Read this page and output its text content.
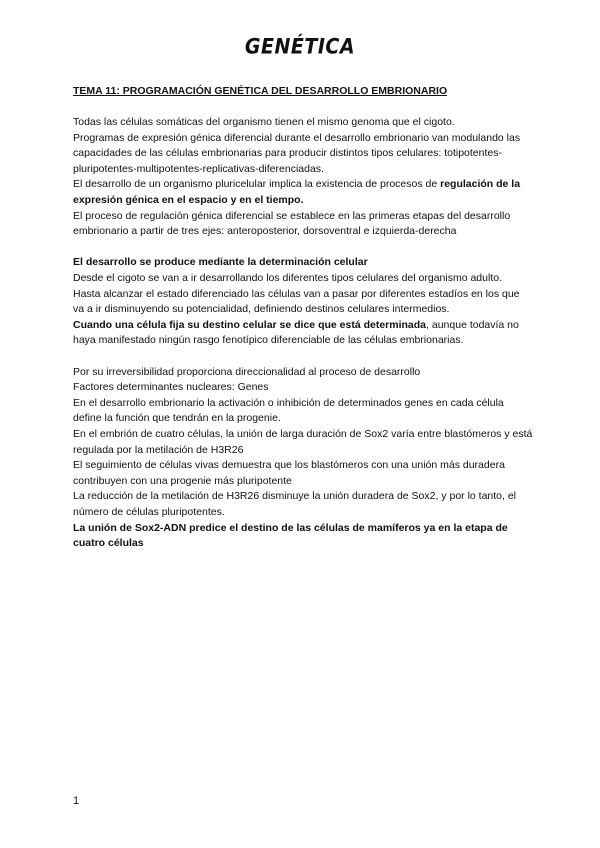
GENÉTICA

TEMA 11: PROGRAMACIÓN GENÉTICA DEL DESARROLLO EMBRIONARIO

Todas las células somáticas del organismo tienen el mismo genoma que el cigoto.

Programas de expresión génica diferencial durante el desarrollo embrionario van modulando las capacidades de las células embrionarias para producir distintos tipos celulares: totipotentes-pluripotentes-multipotentes-replicativas-diferenciadas.

El desarrollo de un organismo pluricelular implica la existencia de procesos de regulación de la expresión génica en el espacio y en el tiempo.

El proceso de regulación génica diferencial se establece en las primeras etapas del desarrollo embrionario a partir de tres ejes: anteroposterior, dorsoventral e izquierda-derecha

El desarrollo se produce mediante la determinación celular

Desde el cigoto se van a ir desarrollando los diferentes tipos celulares del organismo adulto.

Hasta alcanzar el estado diferenciado las células van a pasar por diferentes estadíos en los que va a ir disminuyendo su potencialidad, definiendo destinos celulares intermedios.

Cuando una célula fija su destino celular se dice que está determinada, aunque todavía no haya manifestado ningún rasgo fenotípico diferenciable de las células embrionarias.

Por su irreversibilidad proporciona direccionalidad al proceso de desarrollo

Factores determinantes nucleares: Genes

En el desarrollo embrionario la activación o inhibición de determinados genes en cada célula define la función que tendrán en la progenie.

En el embrión de cuatro células, la unión de larga duración de Sox2 varía entre blastómeros y está regulada por la metilación de H3R26

El seguimiento de células vivas demuestra que los blastómeros con una unión más duradera contribuyen con una progenie más pluripotente

La reducción de la metilación de H3R26 disminuye la unión duradera de Sox2, y por lo tanto, el número de células pluripotentes.

La unión de Sox2-ADN predice el destino de las células de mamíferos ya en la etapa de cuatro células

1
